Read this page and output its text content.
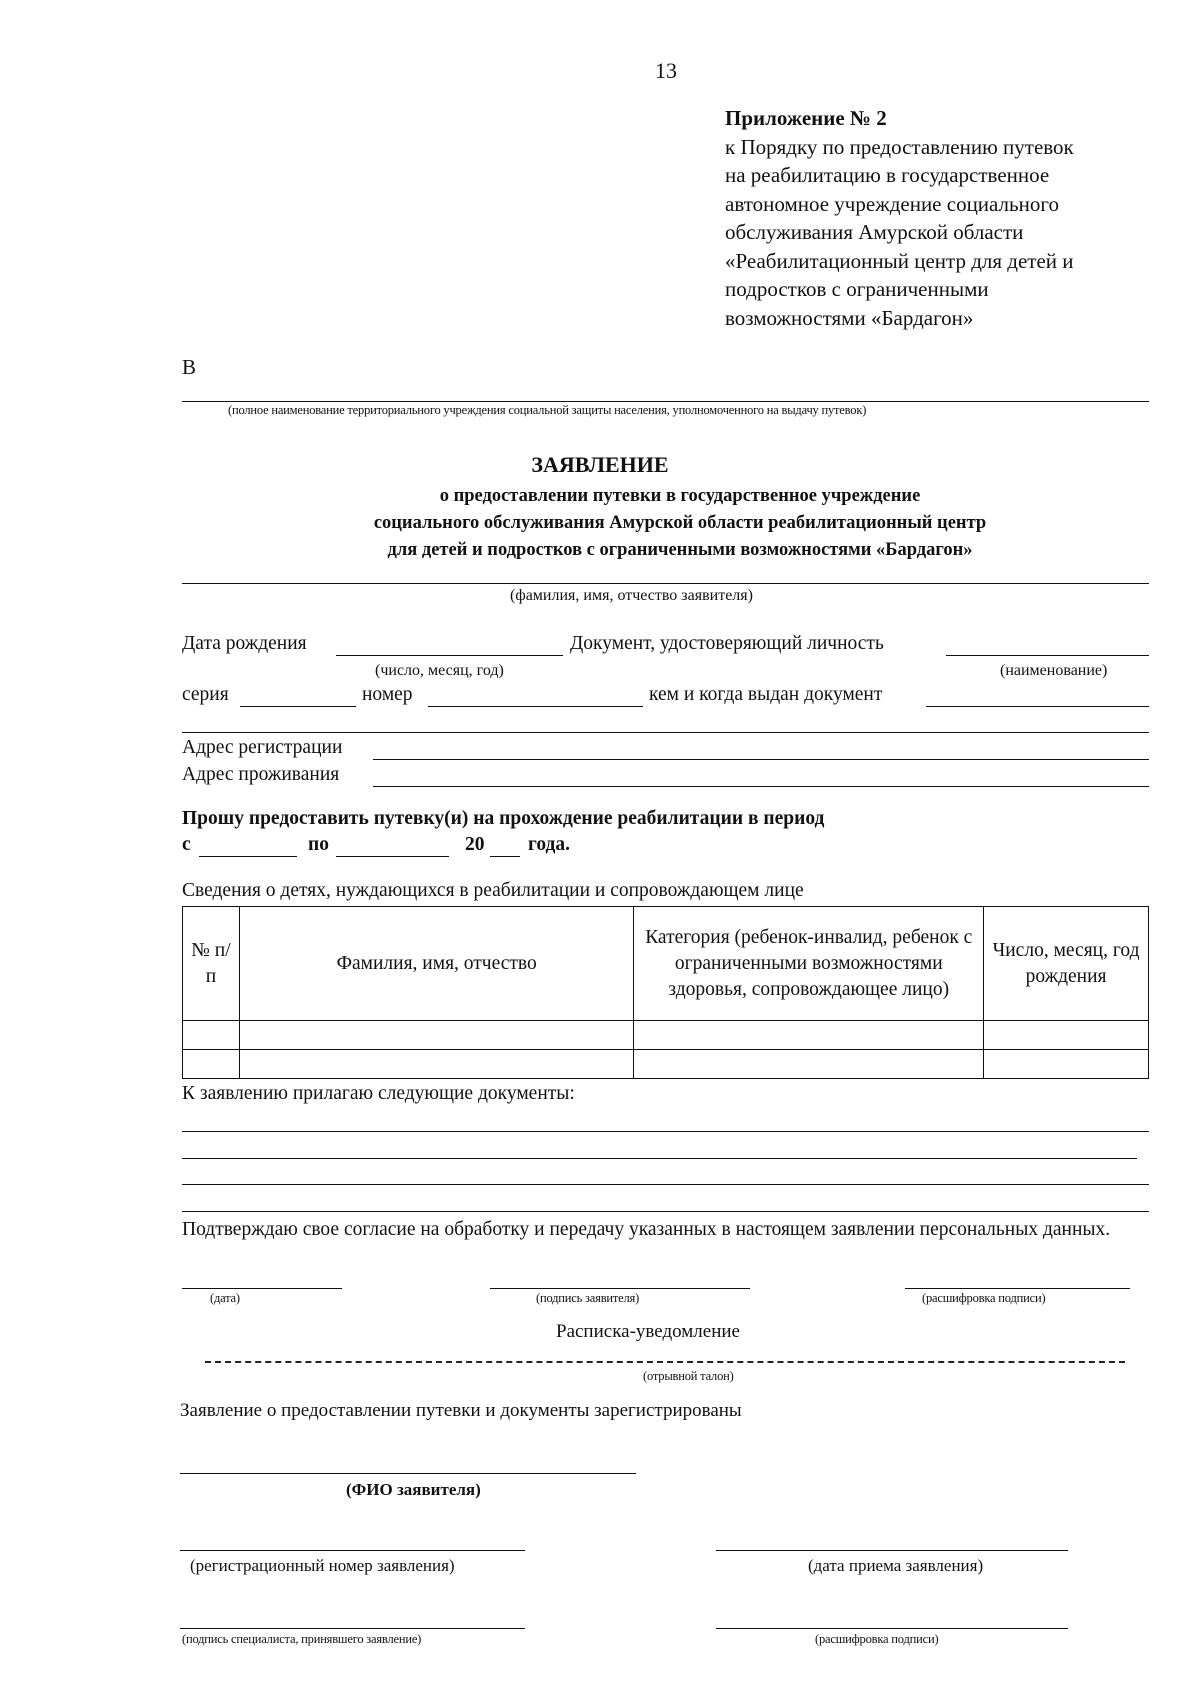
13
Приложение № 2
к Порядку по предоставлению путевок
на реабилитацию в государственное
автономное учреждение социального
обслуживания Амурской области
«Реабилитационный центр для детей и
подростков с ограниченными
возможностями «Бардагон»
В
(полное наименование территориального учреждения социальной защиты населения, уполномоченного на выдачу путевок)
ЗАЯВЛЕНИЕ
о предоставлении путевки в государственное учреждение
социального обслуживания Амурской области реабилитационный центр
для детей и подростков с ограниченными возможностями «Бардагон»
(фамилия, имя, отчество заявителя)
Дата рождения	Документ, удостоверяющий личность
(число, месяц, год)	(наименование)
серия	номер	кем и когда выдан документ
Адрес регистрации
Адрес проживания
Прошу предоставить путевку(и) на прохождение реабилитации в период
с	по	20 года.
Сведения о детях, нуждающихся в реабилитации и сопровождающем лице
№ п/п	Фамилия, имя, отчество	Категория (ребенок-инвалид, ребенок с ограниченными возможностями здоровья, сопровождающее лицо)	Число, месяц, год рождения

К заявлению прилагаю следующие документы:
Подтверждаю свое согласие на обработку и передачу указанных в настоящем заявлении персональных данных.
(дата)	(подпись заявителя)	(расшифровка подписи)
Расписка-уведомление
(отрывной талон)
Заявление о предоставлении путевки и документы зарегистрированы
(ФИО заявителя)
(регистрационный номер заявления)	(дата приема заявления)
(подпись специалиста, принявшего заявление)	(расшифровка подписи)
